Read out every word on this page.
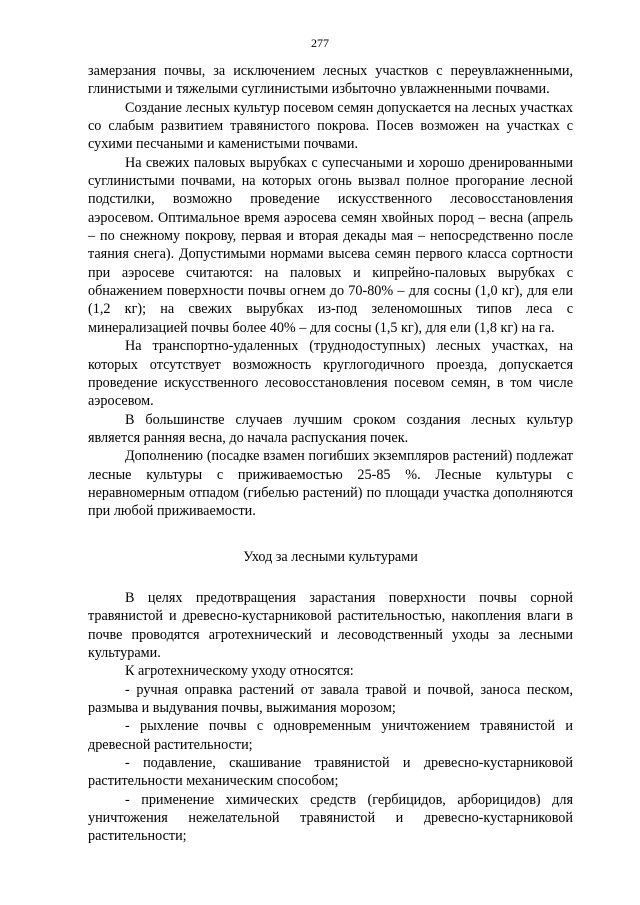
277

замерзания почвы, за исключением лесных участков с переувлажненными, глинистыми и тяжелыми суглинистыми избыточно увлажненными почвами.

Создание лесных культур посевом семян допускается на лесных участках со слабым развитием травянистого покрова. Посев возможен на участках с сухими песчаными и каменистыми почвами.

На свежих паловых вырубках с супесчаными и хорошо дренированными суглинистыми почвами, на которых огонь вызвал полное прогорание лесной подстилки, возможно проведение искусственного лесовосстановления аэросевом. Оптимальное время аэросева семян хвойных пород – весна (апрель – по снежному покрову, первая и вторая декады мая – непосредственно после таяния снега). Допустимыми нормами высева семян первого класса сортности при аэросеве считаются: на паловых и кипрейно-паловых вырубках с обнажением поверхности почвы огнем до 70-80% – для сосны (1,0 кг), для ели (1,2 кг); на свежих вырубках из-под зеленомошных типов леса с минерализацией почвы более 40% – для сосны (1,5 кг), для ели (1,8 кг) на га.

На транспортно-удаленных (труднодоступных) лесных участках, на которых отсутствует возможность круглогодичного проезда, допускается проведение искусственного лесовосстановления посевом семян, в том числе аэросевом.

В большинстве случаев лучшим сроком создания лесных культур является ранняя весна, до начала распускания почек.

Дополнению (посадке взамен погибших экземпляров растений) подлежат лесные культуры с приживаемостью 25-85 %. Лесные культуры с неравномерным отпадом (гибелью растений) по площади участка дополняются при любой приживаемости.

Уход за лесными культурами

В целях предотвращения зарастания поверхности почвы сорной травянистой и древесно-кустарниковой растительностью, накопления влаги в почве проводятся агротехнический и лесоводственный уходы за лесными культурами.

К агротехническому уходу относятся:

- ручная оправка растений от завала травой и почвой, заноса песком, размыва и выдувания почвы, выжимания морозом;

- рыхление почвы с одновременным уничтожением травянистой и древесной растительности;

- подавление, скашивание травянистой и древесно-кустарниковой растительности механическим способом;

- применение химических средств (гербицидов, арборицидов) для уничтожения нежелательной травянистой и древесно-кустарниковой растительности;
